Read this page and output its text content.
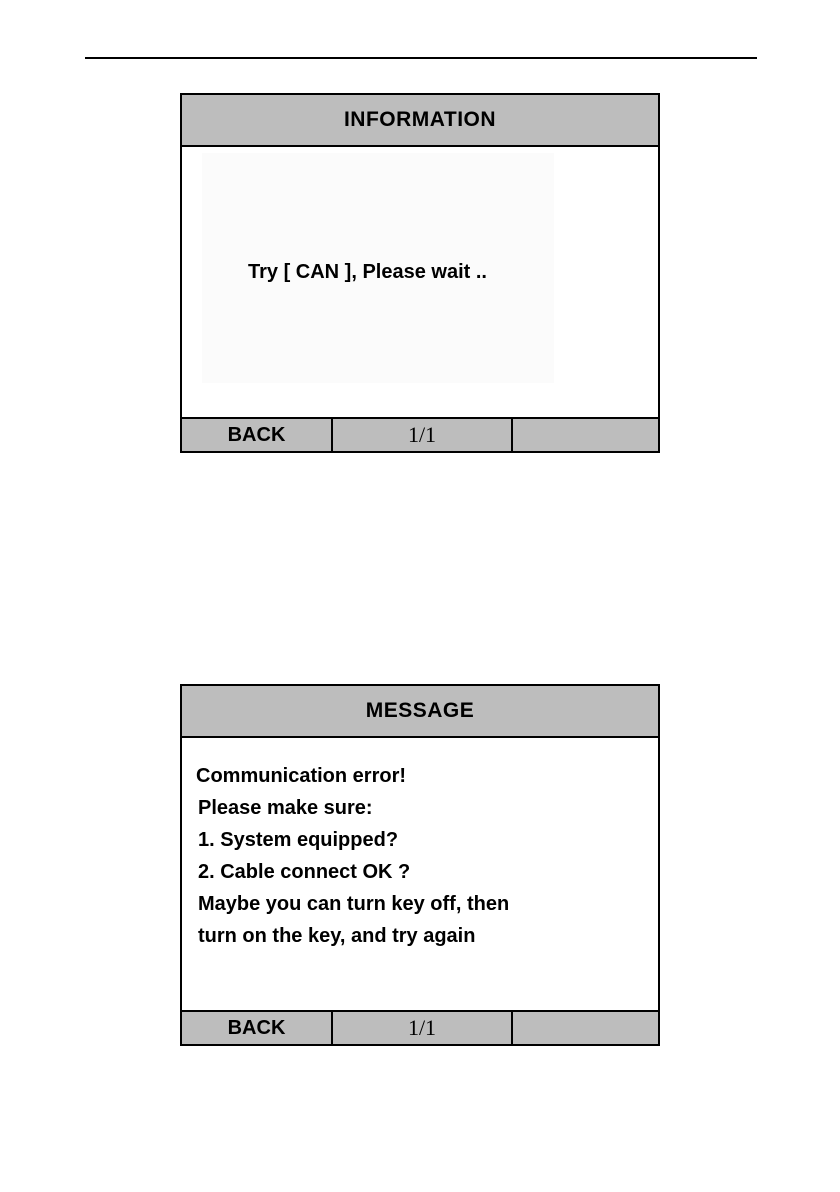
INFORMATION
Try [ CAN ], Please wait ..
BACK	1/1
MESSAGE
Communication error!
Please make sure:
1. System equipped?
2. Cable connect OK ?
Maybe you can turn key off, then
turn on the key, and try again
BACK	1/1
